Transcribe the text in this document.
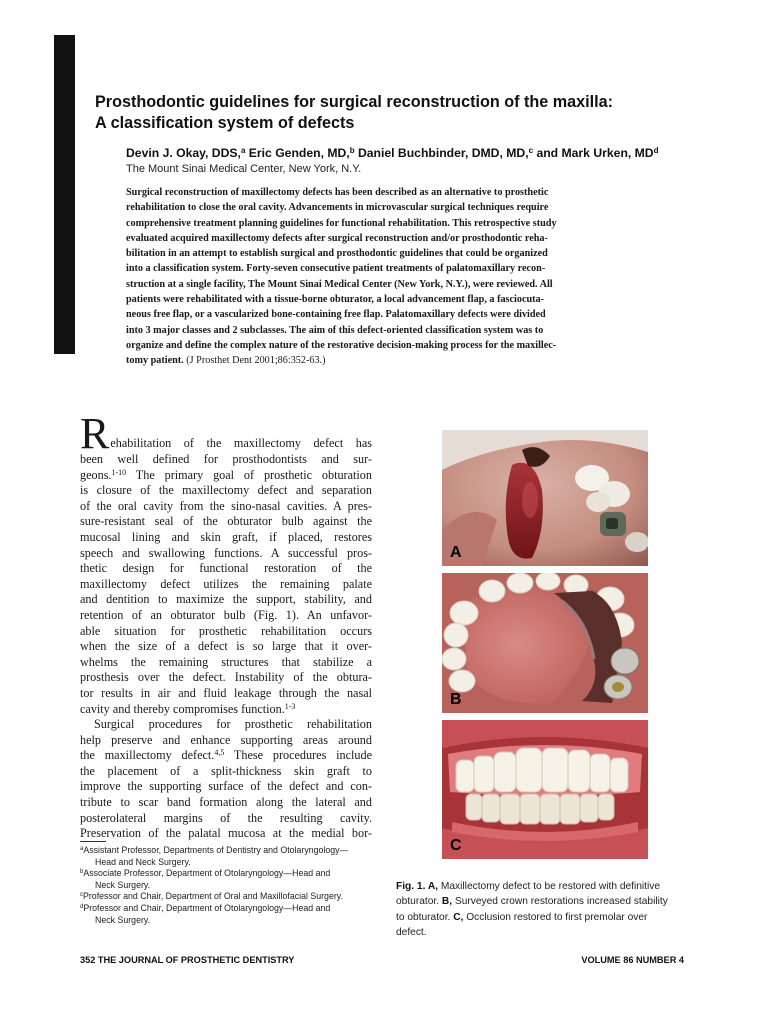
Prosthodontic guidelines for surgical reconstruction of the maxilla:
A classification system of defects
Devin J. Okay, DDS,$^a$ Eric Genden, MD,$^b$ Daniel Buchbinder, DMD, MD,$^c$ and Mark Urken, $MD^d$
The Mount Sinai Medical Center, New York, N.Y.
Surgical reconstruction of maxillectomy defects has been described as an alternative to prosthetic
rehabilitation to close the oral cavity. Advancements in microvascular surgical techniques require
comprehensive treatment planning guidelines for functional rehabilitation. This retrospective study
evaluated acquired maxillectomy defects after surgical reconstruction and/or prosthodontic reha-
bilitation in an attempt to establish surgical and prosthodontic guidelines that could be organized
into a classification system. Forty-seven consecutive patient treatments of palatomaxillary recon-
struction at a single facility, The Mount Sinai Medical Center (New York, N.Y.), were reviewed. All
patients were rehabilitated with a tissue-borne obturator, a local advancement flap, a fasciocuta-
neous free flap, or a vascularized bone-containing free flap. Palatomaxillary defects were divided
into 3 major classes and 2 subclasses. The aim of this defect-oriented classification system was to
organize and define the complex nature of the restorative decision-making process for the maxillec-
tomy patient. (J Prosthet Dent 2001;86:352-63.)
R ehabilitation of the maxillectomy defect has
been well defined for prosthodontists and sur-
geons.$^{1-10}$ The primary goal of prosthetic obturation
is closure of the maxillectomy defect and separation
of the oral cavity from the sino-nasal cavities. A pres-
sure-resistant seal of the obturator bulb against the
mucosal lining and skin graft, if placed, restores
speech and swallowing functions. A successful pros-
thetic design for functional restoration of the
maxillectomy defect utilizes the remaining palate
and dentition to maximize the support, stability, and
retention of an obturator bulb (Fig. 1). An unfavor-
able situation for prosthetic rehabilitation occurs
when the size of a defect is so large that it over-
whelms the remaining structures that stabilize a
prosthesis over the defect. Instability of the obtura-
tor results in air and fluid leakage through the nasal
cavity and thereby compromises function.$^{1-3}$
Surgical procedures for prosthetic rehabilitation
help preserve and enhance supporting areas around
the maxillectomy defect.$^{4,5}$ These procedures include
the placement of a split-thickness skin graft to
improve the supporting surface of the defect and con-
tribute to scar band formation along the lateral and
posterolateral margins of the resulting cavity.
Preservation of the palatal mucosa at the medial bor-
$^a$Assistant Professor, Departments of Dentistry and Otolaryngology—
Head and Neck Surgery.
$^b$Associate Professor, Department of Otolaryngology—Head and
Neck Surgery.
$^c$Professor and Chair, Department of Oral and Maxillofacial Surgery.
$^d$Professor and Chair, Department of Otolaryngology—Head and
Neck Surgery.
A
B
C
Fig. 1. A, Maxillectomy defect to be restored with definitive
obturator. B, Surveyed crown restorations increased stability
to obturator. C, Occlusion restored to first premolar over
defect.
352 THE JOURNAL OF PROSTHETIC DENTISTRY	VOLUME 86 NUMBER 4
